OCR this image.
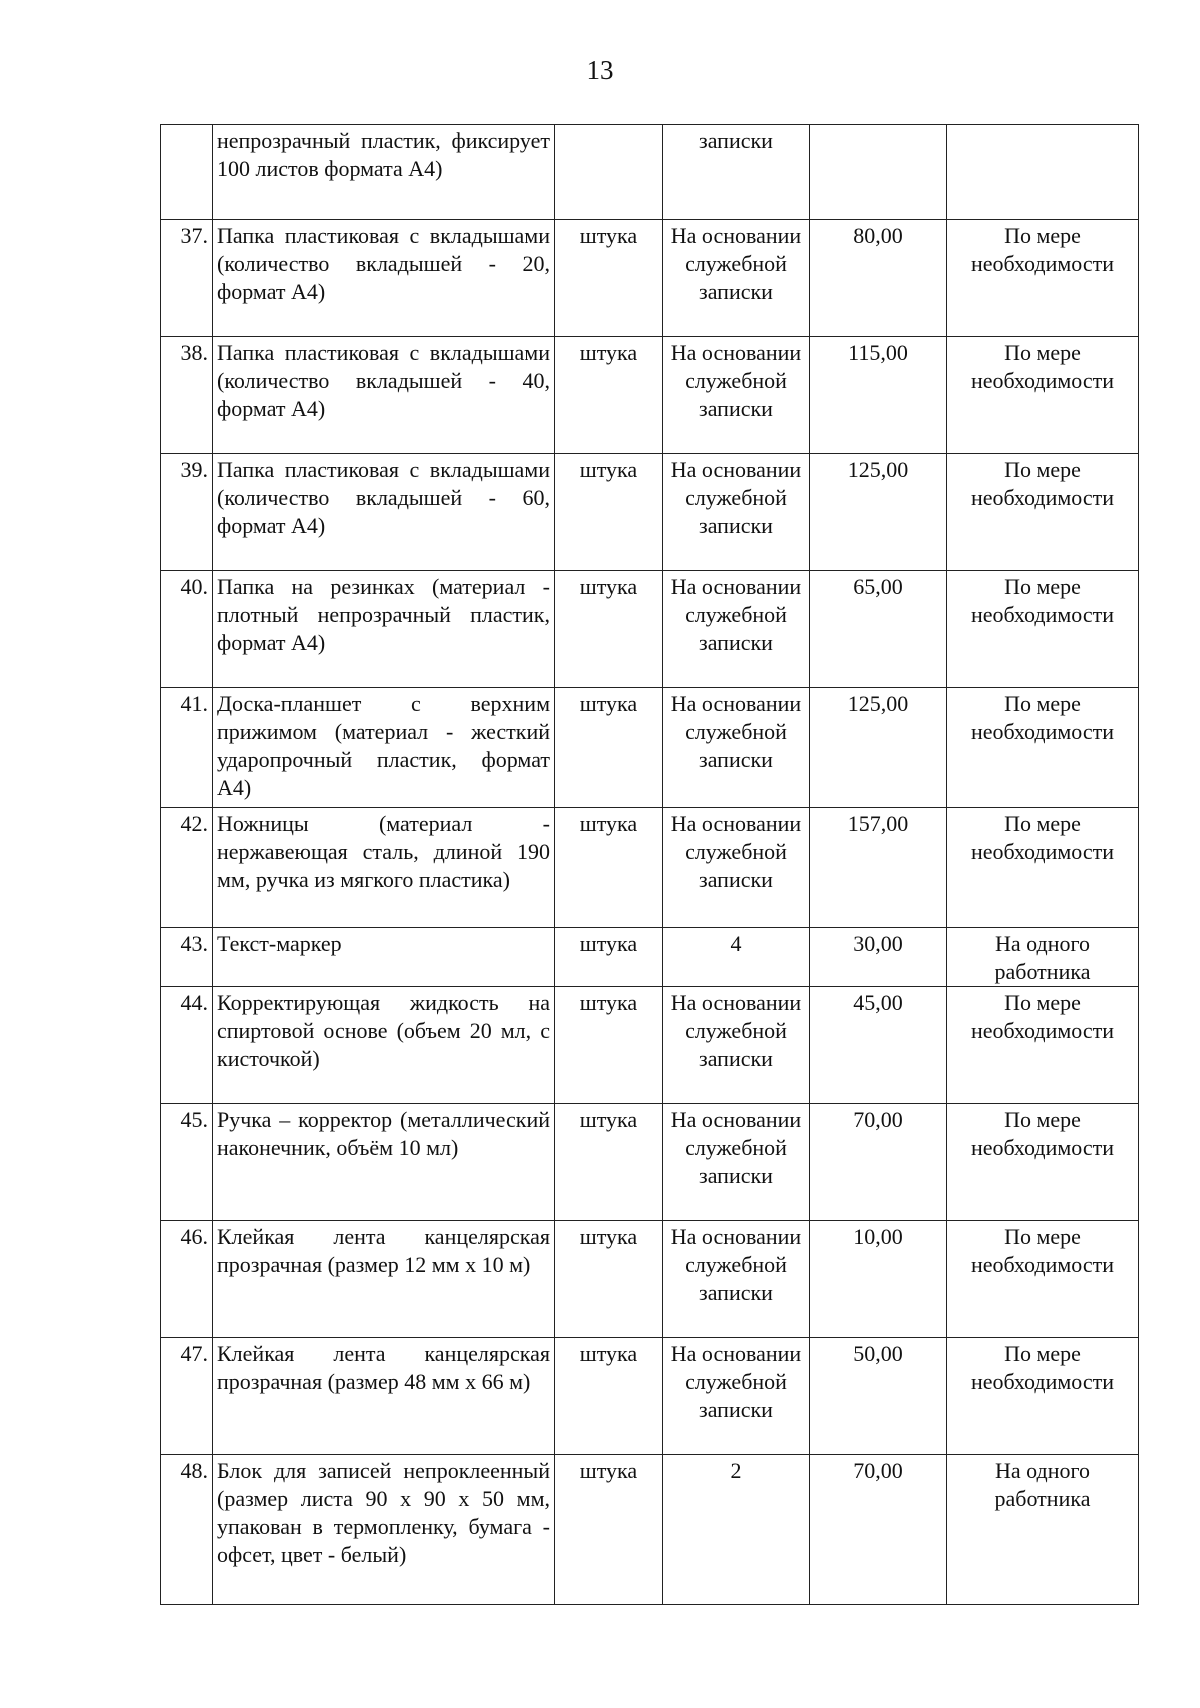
13
	непрозрачный пластик, фиксирует 100 листов формата А4)		записки		
37.	Папка пластиковая с вкладышами (количество вкладышей - 20, формат А4)	штука	На основании служебной записки	80,00	По мере необходимости
38.	Папка пластиковая с вкладышами (количество вкладышей - 40, формат А4)	штука	На основании служебной записки	115,00	По мере необходимости
39.	Папка пластиковая с вкладышами (количество вкладышей - 60, формат А4)	штука	На основании служебной записки	125,00	По мере необходимости
40.	Папка на резинках (материал - плотный непрозрачный пластик, формат А4)	штука	На основании служебной записки	65,00	По мере необходимости
41.	Доска-планшет с верхним прижимом (материал - жесткий ударопрочный пластик, формат А4)	штука	На основании служебной записки	125,00	По мере необходимости
42.	Ножницы (материал - нержавеющая сталь, длиной 190 мм, ручка из мягкого пластика)	штука	На основании служебной записки	157,00	По мере необходимости
43.	Текст-маркер	штука	4	30,00	На одного работника
44.	Корректирующая жидкость на спиртовой основе (объем 20 мл, с кисточкой)	штука	На основании служебной записки	45,00	По мере необходимости
45.	Ручка – корректор (металлический наконечник, объём 10 мл)	штука	На основании служебной записки	70,00	По мере необходимости
46.	Клейкая лента канцелярская прозрачная (размер 12 мм х 10 м)	штука	На основании служебной записки	10,00	По мере необходимости
47.	Клейкая лента канцелярская прозрачная (размер 48 мм х 66 м)	штука	На основании служебной записки	50,00	По мере необходимости
48.	Блок для записей непроклеенный (размер листа 90 х 90 х 50 мм, упакован в термопленку, бумага - офсет, цвет - белый)	штука	2	70,00	На одного работника
